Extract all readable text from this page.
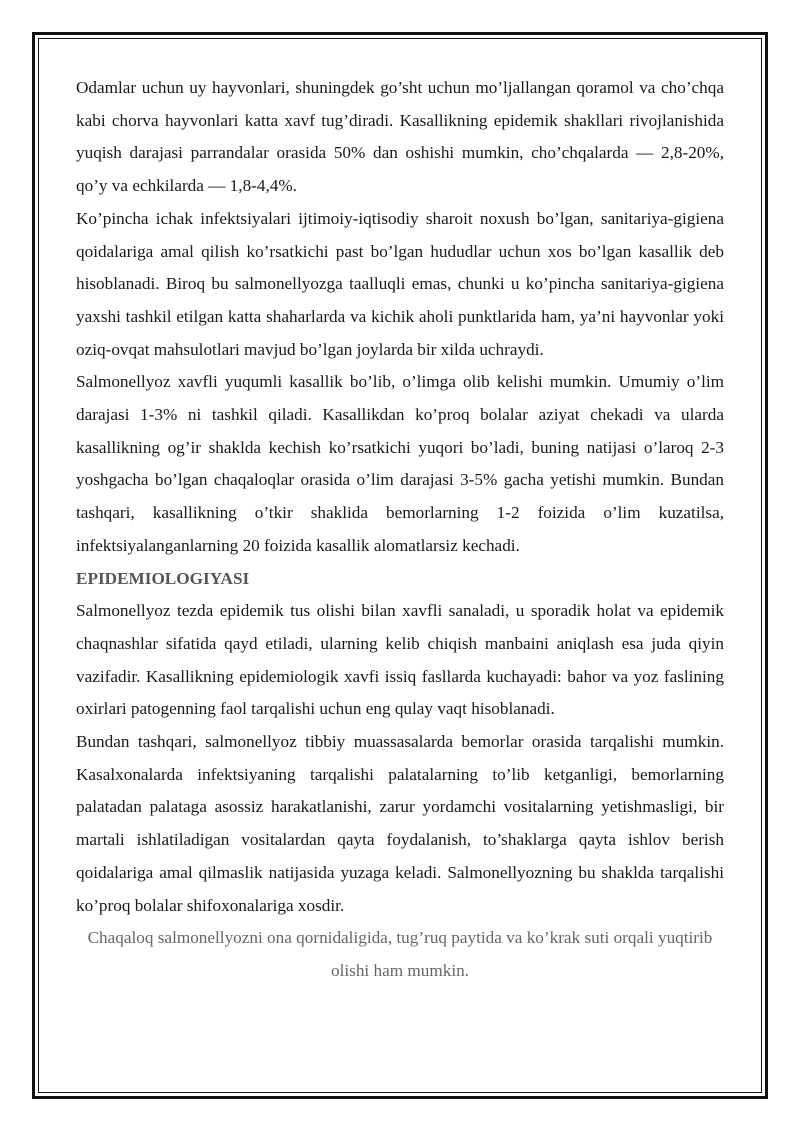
Odamlar uchun uy hayvonlari, shuningdek go’sht uchun mo’ljallangan qoramol va cho’chqa kabi chorva hayvonlari katta xavf tug’diradi. Kasallikning epidemik shakllari rivojlanishida yuqish darajasi parrandalar orasida 50% dan oshishi mumkin, cho’chqalarda — 2,8-20%, qo’y va echkilarda — 1,8-4,4%.

Ko’pincha ichak infektsiyalari ijtimoiy-iqtisodiy sharoit noxush bo’lgan, sanitariya-gigiena qoidalariga amal qilish ko’rsatkichi past bo’lgan hududlar uchun xos bo’lgan kasallik deb hisoblanadi. Biroq bu salmonellyozga taalluqli emas, chunki u ko’pincha sanitariya-gigiena yaxshi tashkil etilgan katta shaharlarda va kichik aholi punktlarida ham, ya’ni hayvonlar yoki oziq-ovqat mahsulotlari mavjud bo’lgan joylarda bir xilda uchraydi.

Salmonellyoz xavfli yuqumli kasallik bo’lib, o’limga olib kelishi mumkin. Umumiy o’lim darajasi 1-3% ni tashkil qiladi. Kasallikdan ko’proq bolalar aziyat chekadi va ularda kasallikning og’ir shaklda kechish ko’rsatkichi yuqori bo’ladi, buning natijasi o’laroq 2-3 yoshgacha bo’lgan chaqaloqlar orasida o’lim darajasi 3-5% gacha yetishi mumkin. Bundan tashqari, kasallikning o’tkir shaklida bemorlarning 1-2 foizida o’lim kuzatilsa, infektsiyalanganlarning 20 foizida kasallik alomatlarsiz kechadi.

EPIDEMIOLOGIYASI

Salmonellyoz tezda epidemik tus olishi bilan xavfli sanaladi, u sporadik holat va epidemik chaqnashlar sifatida qayd etiladi, ularning kelib chiqish manbaini aniqlash esa juda qiyin vazifadir. Kasallikning epidemiologik xavfi issiq fasllarda kuchayadi: bahor va yoz faslining oxirlari patogenning faol tarqalishi uchun eng qulay vaqt hisoblanadi.

Bundan tashqari, salmonellyoz tibbiy muassasalarda bemorlar orasida tarqalishi mumkin. Kasalxonalarda infektsiyaning tarqalishi palatalarning to’lib ketganligi, bemorlarning palatadan palataga asossiz harakatlanishi, zarur yordamchi vositalarning yetishmasligi, bir martali ishlatiladigan vositalardan qayta foydalanish, to’shaklarga qayta ishlov berish qoidalariga amal qilmaslik natijasida yuzaga keladi. Salmonellyozning bu shaklda tarqalishi ko’proq bolalar shifoxonalariga xosdir.

Chaqaloq salmonellyozni ona qornidaligida, tug’ruq paytida va ko’krak suti orqali yuqtirib olishi ham mumkin.
